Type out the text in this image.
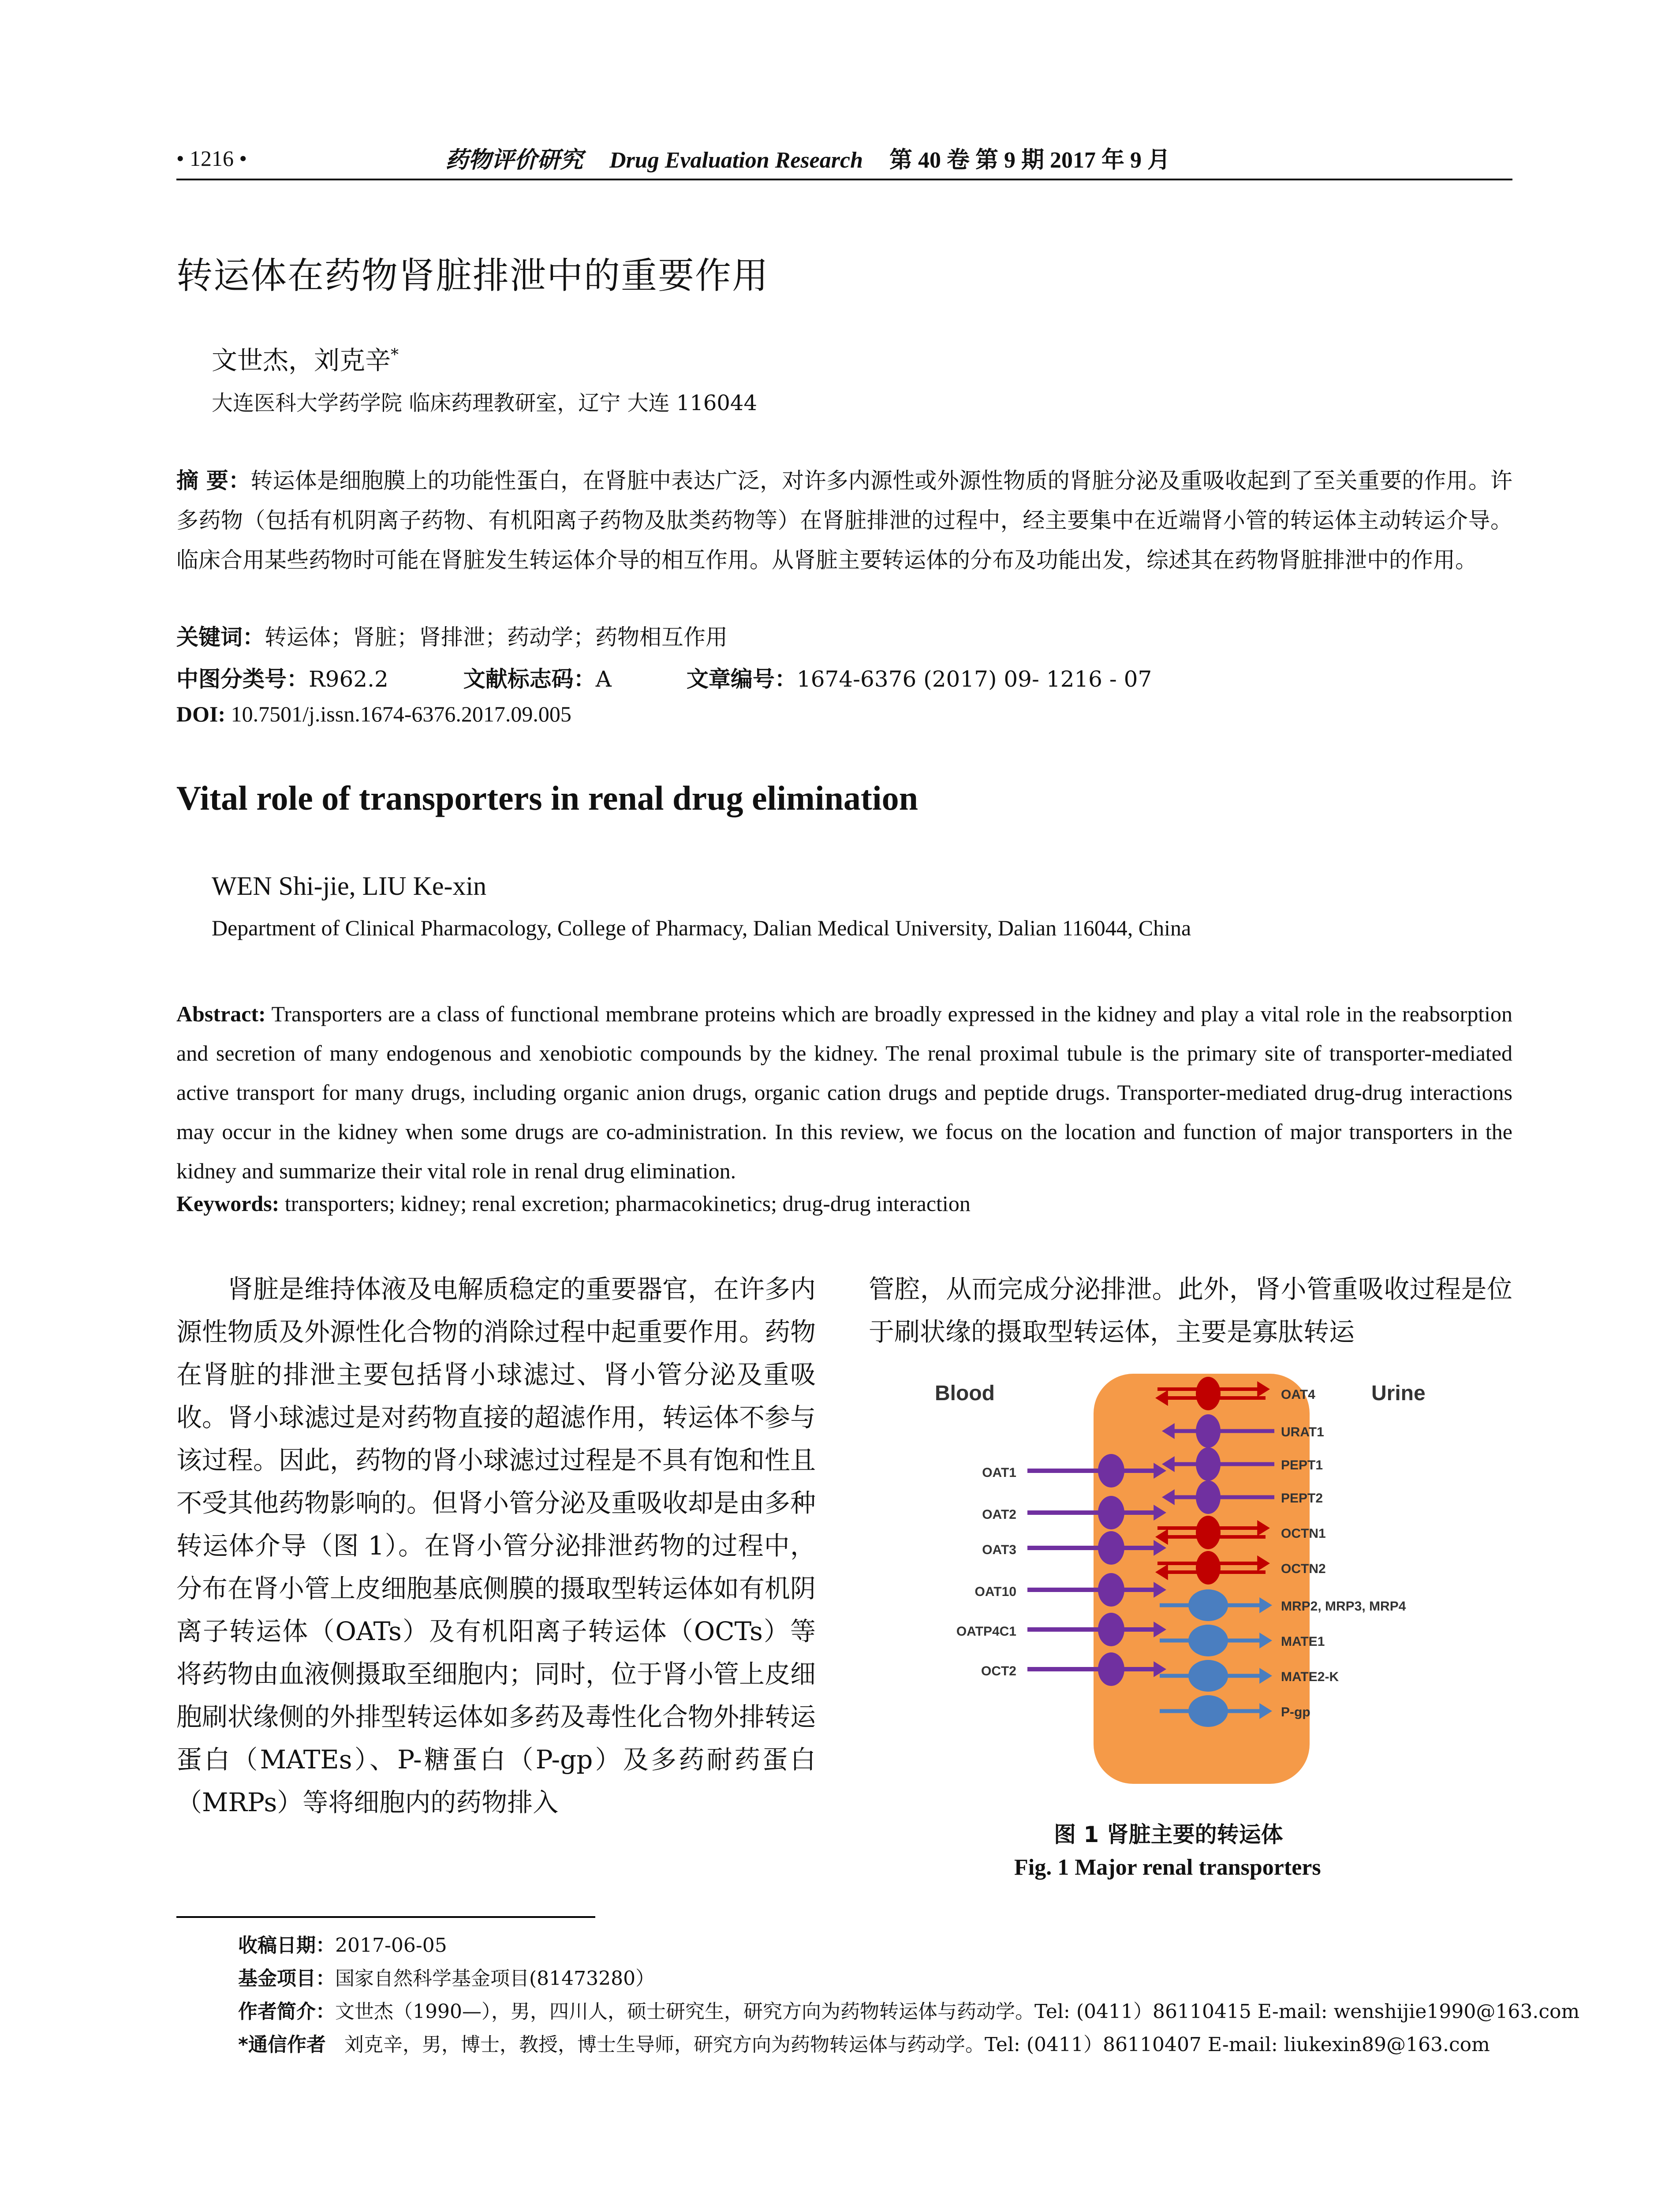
• 1216 •	药物评价研究 Drug Evaluation Research 第 40 卷 第 9 期 2017 年 9 月
转运体在药物肾脏排泄中的重要作用
文世杰，刘克辛*
大连医科大学药学院 临床药理教研室，辽宁 大连 116044
摘 要：转运体是细胞膜上的功能性蛋白，在肾脏中表达广泛，对许多内源性或外源性物质的肾脏分泌及重吸收起到了至关重要的作用。许多药物（包括有机阴离子药物、有机阳离子药物及肽类药物等）在肾脏排泄的过程中，经主要集中在近端肾小管的转运体主动转运介导。临床合用某些药物时可能在肾脏发生转运体介导的相互作用。从肾脏主要转运体的分布及功能出发，综述其在药物肾脏排泄中的作用。
关键词：转运体；肾脏；肾排泄；药动学；药物相互作用
中图分类号：R962.2	文献标志码：A	文章编号：1674-6376 (2017) 09- 1216 - 07
DOI: 10.7501/j.issn.1674-6376.2017.09.005
Vital role of transporters in renal drug elimination
WEN Shi-jie, LIU Ke-xin
Department of Clinical Pharmacology, College of Pharmacy, Dalian Medical University, Dalian 116044, China
Abstract: Transporters are a class of functional membrane proteins which are broadly expressed in the kidney and play a vital role in the reabsorption and secretion of many endogenous and xenobiotic compounds by the kidney. The renal proximal tubule is the primary site of transporter-mediated active transport for many drugs, including organic anion drugs, organic cation drugs and peptide drugs. Transporter-mediated drug-drug interactions may occur in the kidney when some drugs are co-administration. In this review, we focus on the location and function of major transporters in the kidney and summarize their vital role in renal drug elimination.
Keywords: transporters; kidney; renal excretion; pharmacokinetics; drug-drug interaction
肾脏是维持体液及电解质稳定的重要器官，在许多内源性物质及外源性化合物的消除过程中起重要作用。药物在肾脏的排泄主要包括肾小球滤过、肾小管分泌及重吸收。肾小球滤过是对药物直接的超滤作用，转运体不参与该过程。因此，药物的肾小球滤过过程是不具有饱和性且不受其他药物影响的。但肾小管分泌及重吸收却是由多种转运体介导（图 1）。在肾小管分泌排泄药物的过程中，分布在肾小管上皮细胞基底侧膜的摄取型转运体如有机阴离子转运体（OATs）及有机阳离子转运体（OCTs）等将药物由血液侧摄取至细胞内；同时，位于肾小管上皮细胞刷状缘侧的外排型转运体如多药及毒性化合物外排转运蛋白（MATEs）、P-糖蛋白（P-gp）及多药耐药蛋白（MRPs）等将细胞内的药物排入
管腔，从而完成分泌排泄。此外，肾小管重吸收过程是位于刷状缘的摄取型转运体，主要是寡肽转运
Blood	Urine
OAT1
OAT2
OAT3
OAT10
OATP4C1
OCT2
OAT4
URAT1
PEPT1
PEPT2
OCTN1
OCTN2
MRP2, MRP3, MRP4
MATE1
MATE2-K
P-gp
图 1 肾脏主要的转运体
Fig. 1 Major renal transporters
收稿日期：2017-06-05
基金项目：国家自然科学基金项目(81473280）
作者简介：文世杰（1990—），男，四川人，硕士研究生，研究方向为药物转运体与药动学。Tel: (0411）86110415 E-mail: wenshijie1990@163.com
*通信作者 刘克辛，男，博士，教授，博士生导师，研究方向为药物转运体与药动学。Tel: (0411）86110407 E-mail: liukexin89@163.com
